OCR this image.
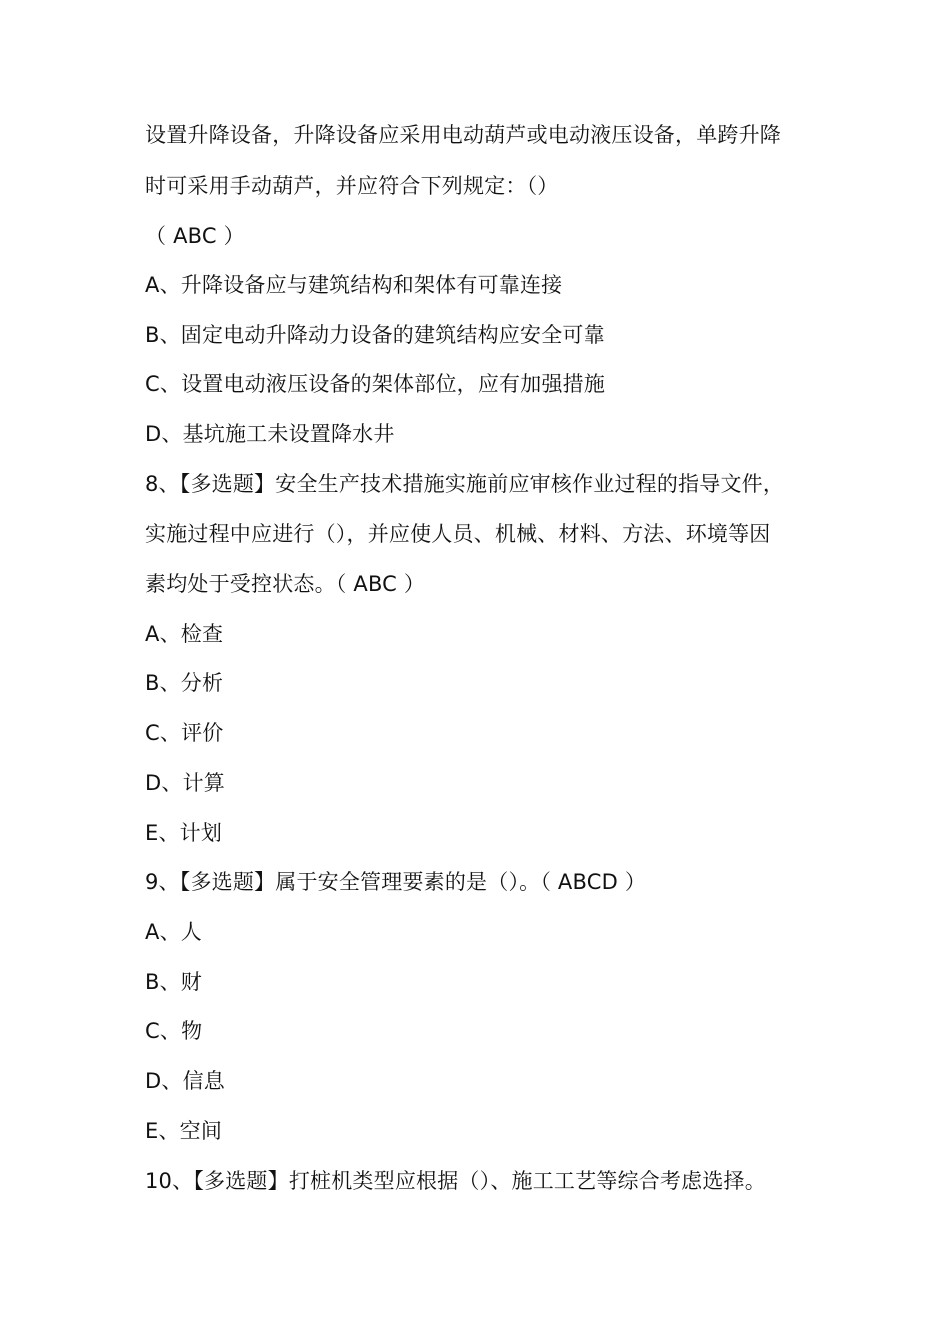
设置升降设备，升降设备应采用电动葫芦或电动液压设备，单跨升降
时可采用手动葫芦，并应符合下列规定：（）
（ ABC ）
A、升降设备应与建筑结构和架体有可靠连接
B、固定电动升降动力设备的建筑结构应安全可靠
C、设置电动液压设备的架体部位，应有加强措施
D、基坑施工未设置降水井
8、【多选题】安全生产技术措施实施前应审核作业过程的指导文件，
实施过程中应进行（），并应使人员、机械、材料、方法、环境等因
素均处于受控状态。（ ABC ）
A、检查
B、分析
C、评价
D、计算
E、计划
9、【多选题】属于安全管理要素的是（）。（ ABCD ）
A、人
B、财
C、物
D、信息
E、空间
10、【多选题】打桩机类型应根据（）、施工工艺等综合考虑选择。
